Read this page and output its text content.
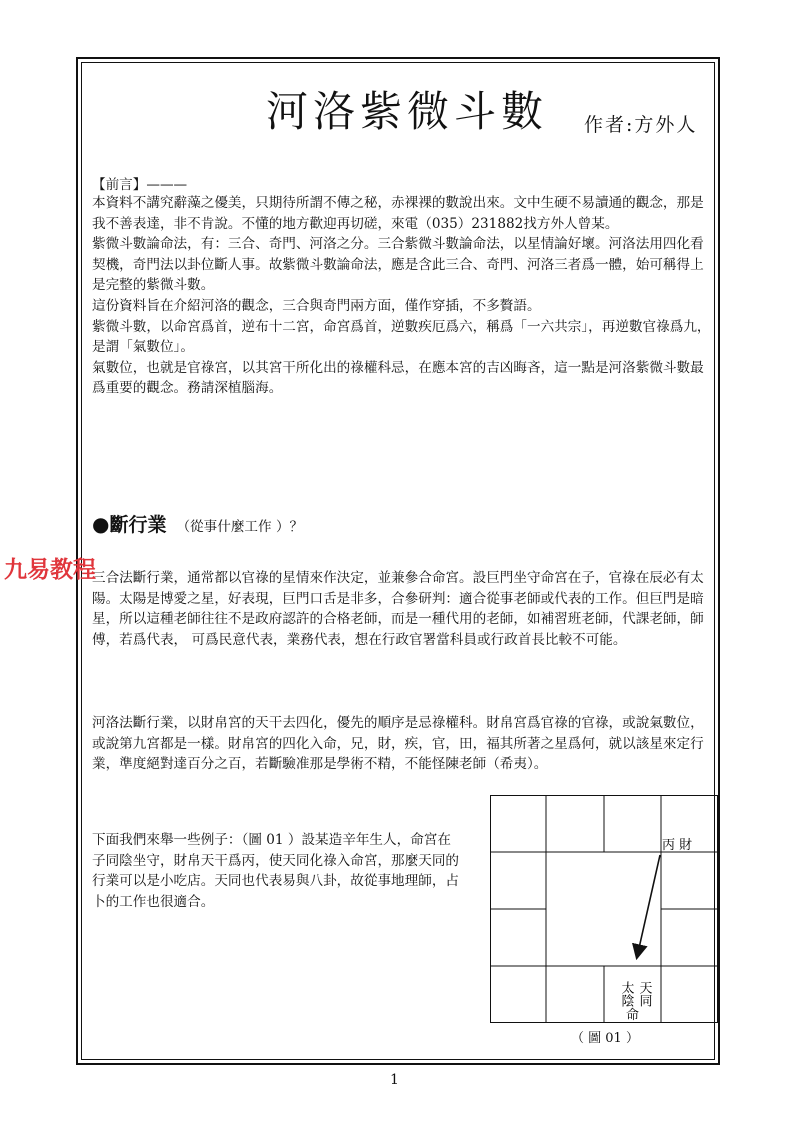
河洛紫微斗數 作者:方外人
【前言】———

本資料不講究辭藻之優美，只期待所謂不傳之秘，赤裸裸的數說出來。文中生硬不易讀通的觀念，那是我不善表達，非不肯說。不懂的地方歡迎再切磋，來電（035）231882找方外人曾某。

紫微斗數論命法，有：三合、奇門、河洛之分。三合紫微斗數論命法，以星情論好壞。河洛法用四化看契機，奇門法以卦位斷人事。故紫微斗數論命法，應是含此三合、奇門、河洛三者爲一體，始可稱得上是完整的紫微斗數。

這份資料旨在介紹河洛的觀念，三合與奇門兩方面，僅作穿插，不多贅語。

紫微斗數，以命宮爲首，逆布十二宮，命宮爲首，逆數疾厄爲六，稱爲「一六共宗」，再逆數官祿爲九，是謂「氣數位」。

氣數位，也就是官祿宮，以其宮干所化出的祿權科忌，在應本宮的吉凶晦吝，這一點是河洛紫微斗數最爲重要的觀念。務請深植腦海。

●斷行業 （從事什麼工作 ）？
三合法斷行業，通常都以官祿的星情來作決定，並兼參合命宮。設巨門坐守命宮在子，官祿在辰必有太陽。太陽是博愛之星，好表現，巨門口舌是非多，合參研判：適合從事老師或代表的工作。但巨門是暗星，所以這種老師往往不是政府認許的合格老師，而是一種代用的老師，如補習班老師，代課老師，師傅，若爲代表， 可爲民意代表，業務代表，想在行政官署當科員或行政首長比較不可能。
九易教程
河洛法斷行業，以財帛宮的天干去四化，優先的順序是忌祿權科。財帛宮爲官祿的官祿，或說氣數位，或說第九宮都是一樣。財帛宮的四化入命，兄，財，疾，官，田，福其所著之星爲何，就以該星來定行業，準度絕對達百分之百，若斷驗准那是學術不精，不能怪陳老師（希夷）。
下面我們來舉一些例子：（圖 01 ）設某造辛年生人，命宮在子同陰坐守，財帛天干爲丙，使天同化祿入命宮，那麼天同的行業可以是小吃店。天同也代表易與八卦，故從事地理師，占卜的工作也很適合。
丙 財
太陰 天同
命
（ 圖 01 ）
1
